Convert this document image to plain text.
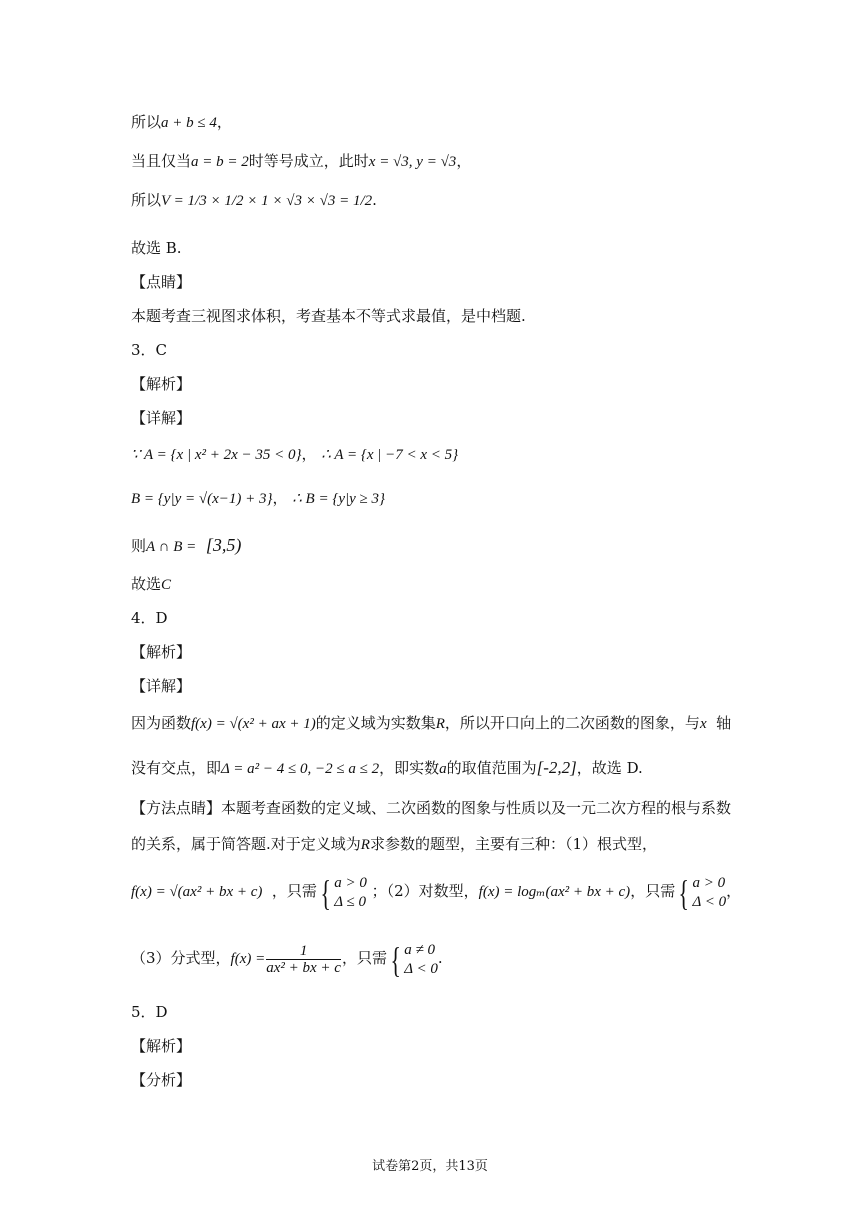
所以a + b ≤ 4，
当且仅当a = b = 2时等号成立，此时x = √3, y = √3，
所以V = 1/3 × 1/2 × 1 × √3 × √3 = 1/2.
故选 B.
【点睛】
本题考查三视图求体积，考查基本不等式求最值，是中档题.
3．C
【解析】
【详解】
∵ A = {x | x² + 2x − 35 < 0}， ∴ A = {x | −7 < x < 5}
B = {y|y = √(x−1) + 3}， ∴ B = {y|y ≥ 3}
则A ∩ B = [3,5)
故选C
4．D
【解析】
【详解】
因为函数f(x) = √(x² + ax + 1)的定义域为实数集R，所以开口向上的二次函数的图象，与x 轴
没有交点，即Δ = a² − 4 ≤ 0, −2 ≤ a ≤ 2，即实数a的取值范围为[-2,2]，故选 D.
【方法点睛】本题考查函数的定义域、二次函数的图象与性质以及一元二次方程的根与系数
的关系，属于简答题.对于定义域为R求参数的题型，主要有三种：（1）根式型，
f(x) = √(ax² + bx + c) ，只需{ a > 0
Δ ≤ 0
；（2）对数型，f(x) = logₘ(ax² + bx + c)，只需{ a > 0
Δ < 0
，
（3）分式型，$f(x) = \frac{1}{\text{ax² + bx + c}}$ ，只需{ a ≠ 0
Δ < 0
.
5．D
【解析】
【分析】
试卷第2页，共13页
